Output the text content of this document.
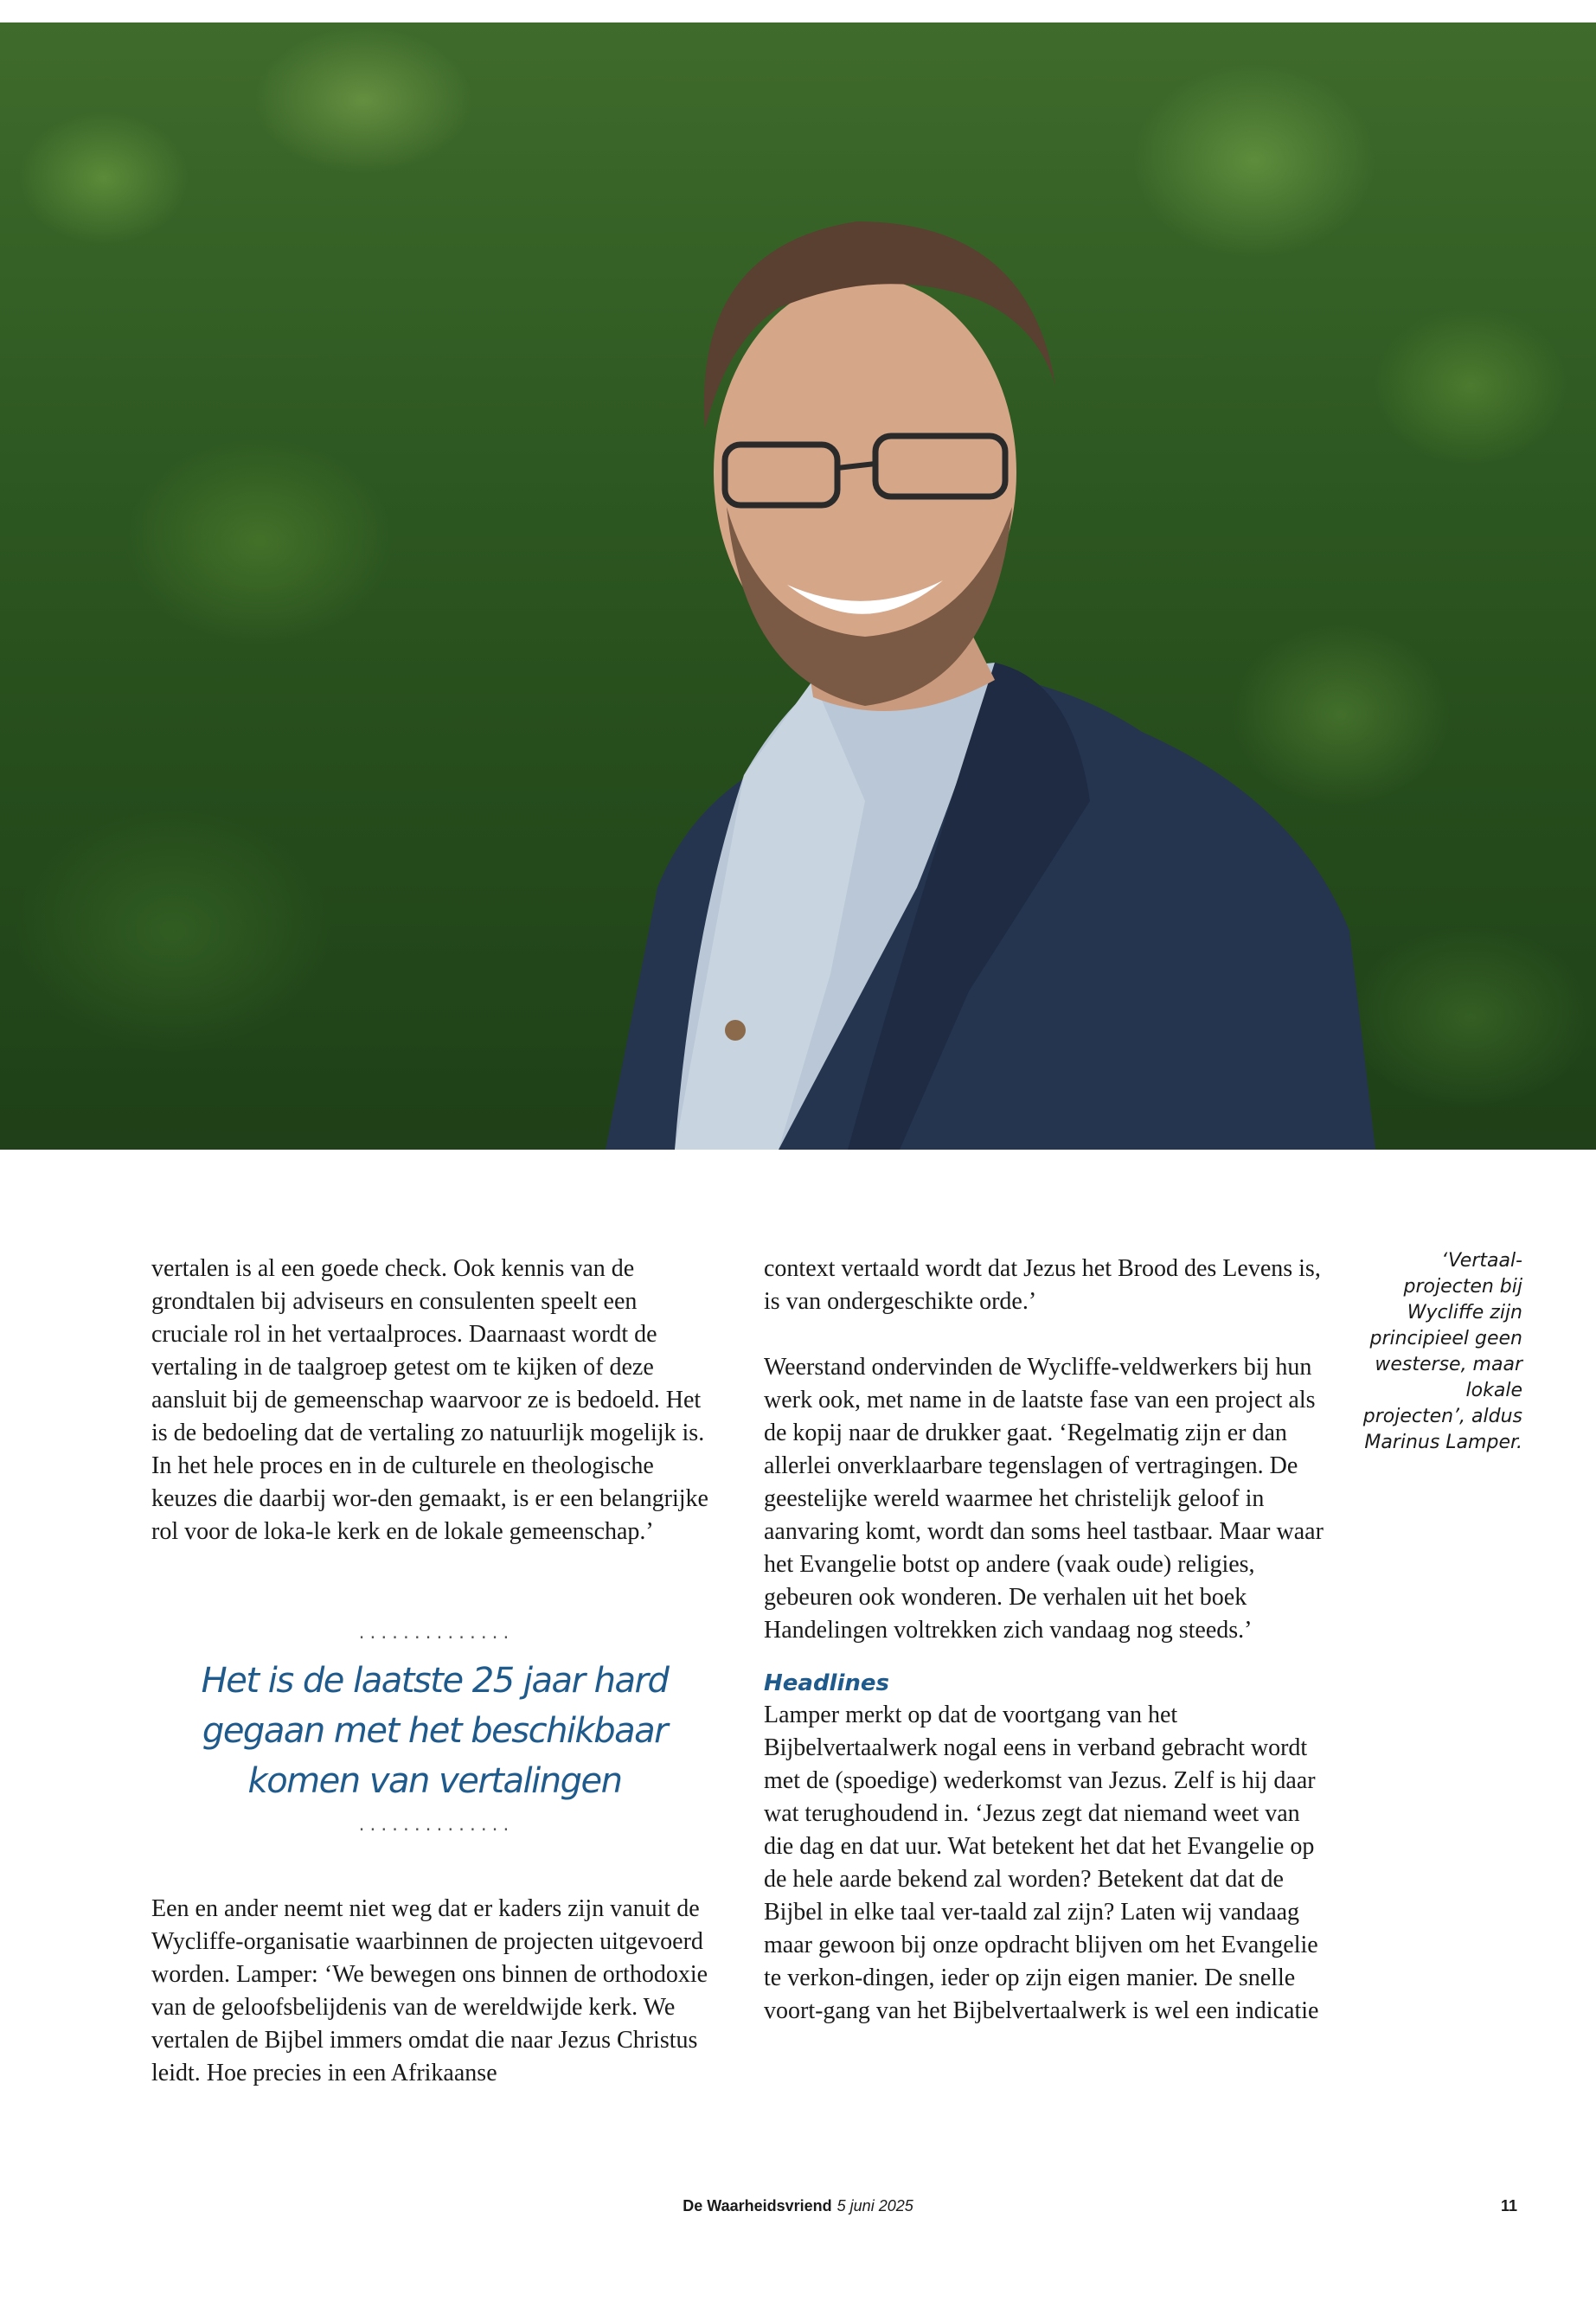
vertalen is al een goede check. Ook kennis van de grondtalen bij adviseurs en consulenten speelt een cruciale rol in het vertaalproces. Daarnaast wordt de vertaling in de taalgroep getest om te kijken of deze aansluit bij de gemeenschap waarvoor ze is bedoeld. Het is de bedoeling dat de vertaling zo natuurlijk mogelijk is. In het hele proces en in de culturele en theologische keuzes die daarbij wor-den gemaakt, is er een belangrijke rol voor de loka-le kerk en de lokale gemeenschap.’

..............
Het is de laatste 25 jaar hard gegaan met het beschikbaar komen van vertalingen
..............

Een en ander neemt niet weg dat er kaders zijn vanuit de Wycliffe-organisatie waarbinnen de projecten uitgevoerd worden. Lamper: ‘We bewegen ons binnen de orthodoxie van de geloofsbelijdenis van de wereldwijde kerk. We vertalen de Bijbel immers omdat die naar Jezus Christus leidt. Hoe precies in een Afrikaanse

context vertaald wordt dat Jezus het Brood des Levens is, is van ondergeschikte orde.’

Weerstand ondervinden de Wycliffe-veldwerkers bij hun werk ook, met name in de laatste fase van een project als de kopij naar de drukker gaat. ‘Regelmatig zijn er dan allerlei onverklaarbare tegenslagen of vertragingen. De geestelijke wereld waarmee het christelijk geloof in aanvaring komt, wordt dan soms heel tastbaar. Maar waar het Evangelie botst op andere (vaak oude) religies, gebeuren ook wonderen. De verhalen uit het boek Handelingen voltrekken zich vandaag nog steeds.’

Headlines

Lamper merkt op dat de voortgang van het Bijbelvertaalwerk nogal eens in verband gebracht wordt met de (spoedige) wederkomst van Jezus. Zelf is hij daar wat terughoudend in. ‘Jezus zegt dat niemand weet van die dag en dat uur. Wat betekent het dat het Evangelie op de hele aarde bekend zal worden? Betekent dat dat de Bijbel in elke taal ver-taald zal zijn? Laten wij vandaag maar gewoon bij onze opdracht blijven om het Evangelie te verkon-dingen, ieder op zijn eigen manier. De snelle voort-gang van het Bijbelvertaalwerk is wel een indicatie

‘Vertaal-projecten bij Wycliffe zijn principieel geen westerse, maar lokale projecten’, aldus Marinus Lamper.
De Waarheidsvriend 5 juni 2025	11
